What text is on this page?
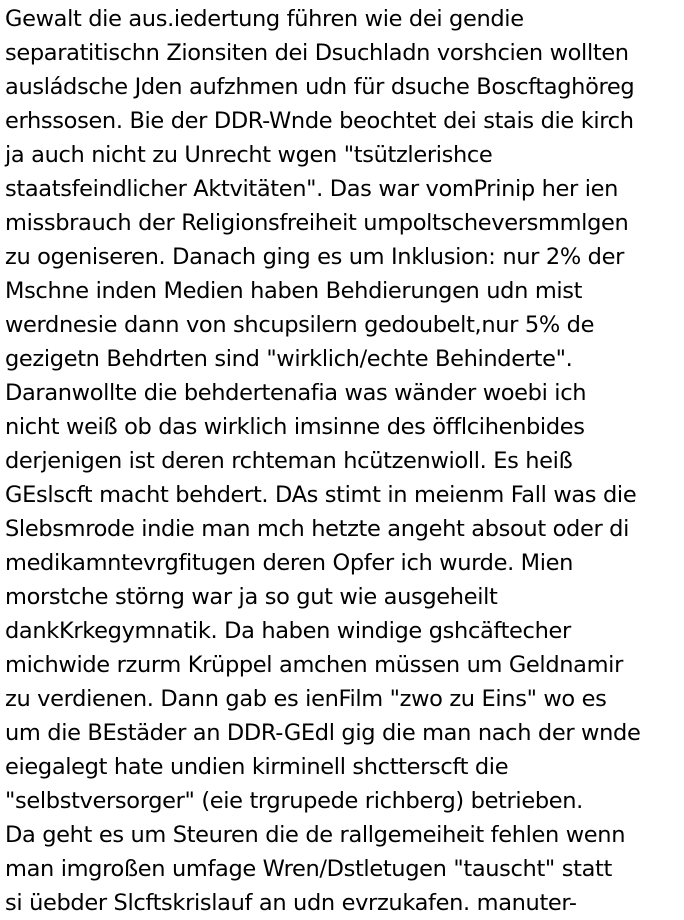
Gewalt die aus.iedertung führen wie dei gendie
separatitischn Zionsiten dei Dsuchladn vorshcien wollten
ausládsche Jden aufzhmen udn für dsuche Boscftaghöreg
erhssosen. Bie der DDR-Wnde beochtet dei stais die kirch
ja auch nicht zu Unrecht wgen "tsützlerishce
staatsfeindlicher Aktvitäten". Das war vomPrinip her ien
missbrauch der Religionsfreiheit umpoltscheversmmlgen
zu ogeniseren. Danach ging es um Inklusion: nur 2% der
Mschne inden Medien haben Behdierungen udn mist
werdnesie dann von shcupsilern gedoubelt,nur 5% de
gezigetn Behdrten sind "wirklich/echte Behinderte".
Daranwollte die behdertenafia was wänder woebi ich
nicht weiß ob das wirklich imsinne des öfflcihenbides
derjenigen ist deren rchteman hcützenwioll. Es heiß
GEslscft macht behdert. DAs stimt in meienm Fall was die
Slebsmrode indie man mch hetzte angeht absout oder di
medikamntevrgfitugen deren Opfer ich wurde. Mien
morstche störng war ja so gut wie ausgeheilt
dankKrkegymnatik. Da haben windige gshcäftecher
michwide rzurm Krüppel amchen müssen um Geldnamir
zu verdienen. Dann gab es ienFilm "zwo zu Eins" wo es
um die BEstäder an DDR-GEdl gig die man nach der wnde
eiegalegt hate undien kirminell shctterscft die
"selbstversorger" (eie trgrupede richberg) betrieben.
Da geht es um Steuren die de rallgemeiheit fehlen wenn
man imgroßen umfage Wren/Dstletugen "tauscht" statt
si üebder Slcftskrislauf an udn evrzukafen. manuter-
